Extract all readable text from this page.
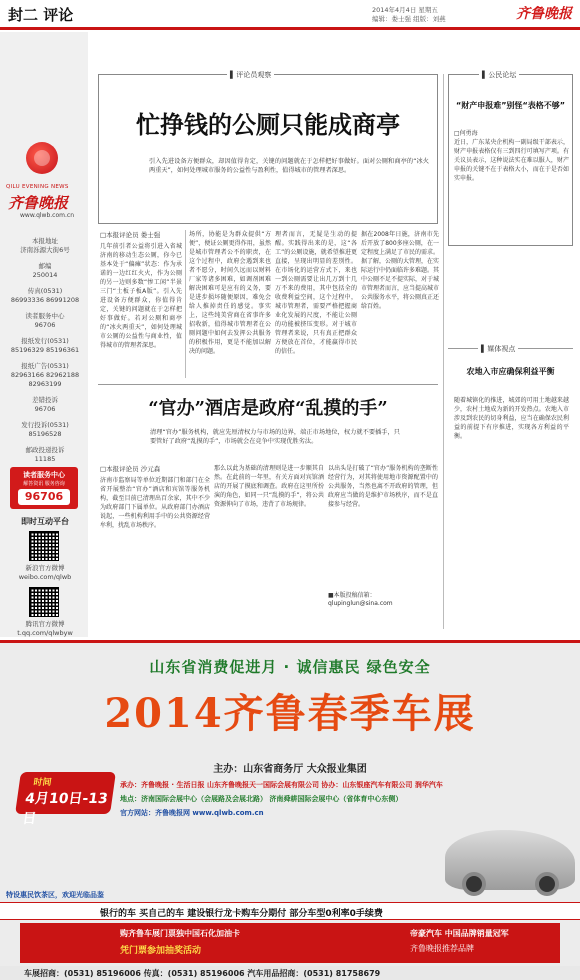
封二 评论	2014年4月4日 星期五
编辑：娄士强 组版：刘燕	齐鲁晚报
QILU EVENING NEWS
齐鲁晚报
www.qlwb.com.cn
本报地址
济南泺源大街6号
邮编
250014
传真(0531)
86993336 86991208
读者服务中心
96706
报纸发行(0531)
85196329 85196361
报纸广告(0531)
82963166 82962188
82963199
差错投诉
96706
发行投诉(0531)
85196528
邮政投递投诉
11185
读者服务中心
解答资讯 服务咨询
96706
即时互动平台
新浪官方微博
weibo.com/qlwb
腾讯官方微博
t.qq.com/qlwbyw
▌ 评论员观察
忙挣钱的公厕只能成商亭
引入先进设备方便群众，却因值得肯定，关键的问题就在于怎样把好事做好。面对公厕和商亭的“冰火两重天”，如何处理城市服务的公益性与盈利性，值得城市的管理者深思。
□本报评论员 娄士强
几年前引者公益将引进入省城济南的移动生态公厕，你今已基本处于“偏瘫”状态：作为承诺的一边红红火火，作为公厕的另一边则多数“惨工闲”半景三门“土板子板A版”。引入先进设备方便群众，你值得肯定，关键的问题就在于怎样把好事做好。若对公厕和商亭的“冰火两重天”，如何处理城市公厕的公益性与商业性，值得城市的管理者深思。
场所，协能是为群众提供“方便”，便证公厕更得作用，虽然是城市管理者公不的职责，在这个过程中，政府会遇到来也者不愿分，时间久远而以财料厂家等诸多困难，如调剂困难解决困难可是应有的义务，要是进步损坏随便原因，难免会给人推掉责任的感觉。事实上，这些纯美营商在省事许多招收新，值得城市管理者在公厕问题中如何去发挥公共服务的积极作用，更是不能加以解决的问题。
理者而言，无疑是生动的提醒。实践得出来的是，这“各工”的公厕设施，就希望推进更直接，呈现出明显的差别性。在市场化的运营方式下，来也一到公厕需要让出几万到十几万不来的费用，其中包括全的收费利益空间，这个过程中，城市管理者，需要严格把握商业化发展的尺度，不能让公厕的功能被挤压变形。对于城市管理者来说，只有真正把群众方便放在首位，才能赢得市民的信任。
据在2008年日施，济南市先后开放了800多座公厕，在一定程度上满足了市民的需求。据了解，公厕的大管理，在实际运行中仍面临许多难题。其中公厕不足不提实际，对于城市管理者而言，应当提高城市公共服务水平，将公厕真正还给百姓。
“官办”酒店是政府“乱摸的手”
清理“官办”服务机构，就应先厘清权力与市场的边界，端正市场地位，权力就不要插手，只要管好了政府“乱摸的手”，市场就会在竞争中实现优胜劣汰。
□本报评论员 沙元森
济南市监察局等单位近期部门和部门在全省开展整治“官办”酒店和宾馆等服务机构，截至目前已清理出百余家，其中不少为政府部门下属单位。从政府部门办酒店说起，一些机构利用手中的公共资源经营牟利，扰乱市场秩序。
那么以此为基础的清理则是进一步顺其自然。在此前的一年里，有关方面对宾馆酒店的开展了摸底和调查。政府在这里所扮演的角色，如同一只“乱摸的手”，将公共资源伸向了市场，违背了市场规律。
以出头是打破了“官办”服务机构的垄断性经营行为，对其将使用地市资源配置中的公共服务，当然也离不开政府的管理，但政府应当做的是维护市场秩序，而不是直接参与经营。
■本版投稿信箱：
qlupinglun@sina.com
▌ 公民论坛
“财产申报难”别怪“表格不够”
□何勇海
近日，广东某央企机构一副局级干部表示，财产申报表格仅有三到四行可填写产项。有关议员表示，这种说法实在难以服人，财产申报的关键不在于表格大小，而在于是否如实申报。
▌ 媒体视点
农地入市应确保利益平衡
随着城镇化的推进，城郊的可用土地越来越少，农村土地成为新的开发热点。农地入市涉及到农民的切身利益，应当在确保农民利益的前提下有序推进，实现各方利益的平衡。
山东省消费促进月 · 诚信惠民 绿色安全
2014齐鲁春季车展
时间
4月10日-13日
主办：山东省商务厅 大众报业集团
承办：齐鲁晚报 · 生活日报 山东齐鲁晚报天一国际会展有限公司 协办：山东银座汽车有限公司 润华汽车
地点：济南国际会展中心（会展路及会展北路） 济南舜耕国际会展中心（省体育中心东侧）
官方网站：齐鲁晚报网 www.qlwb.com.cn
特设惠民饮茶区，欢迎光临品鉴
银行的车 买自己的车 建设银行龙卡购车分期付 部分车型0利率0手续费
购齐鲁车展门票独中国石化加油卡
凭门票参加抽奖活动
帝豪汽车 中国品牌销量冠军
齐鲁晚报推荐品牌
车展招商：(0531) 85196006 传真：(0531) 85196006 汽车用品招商：(0531) 81758679
